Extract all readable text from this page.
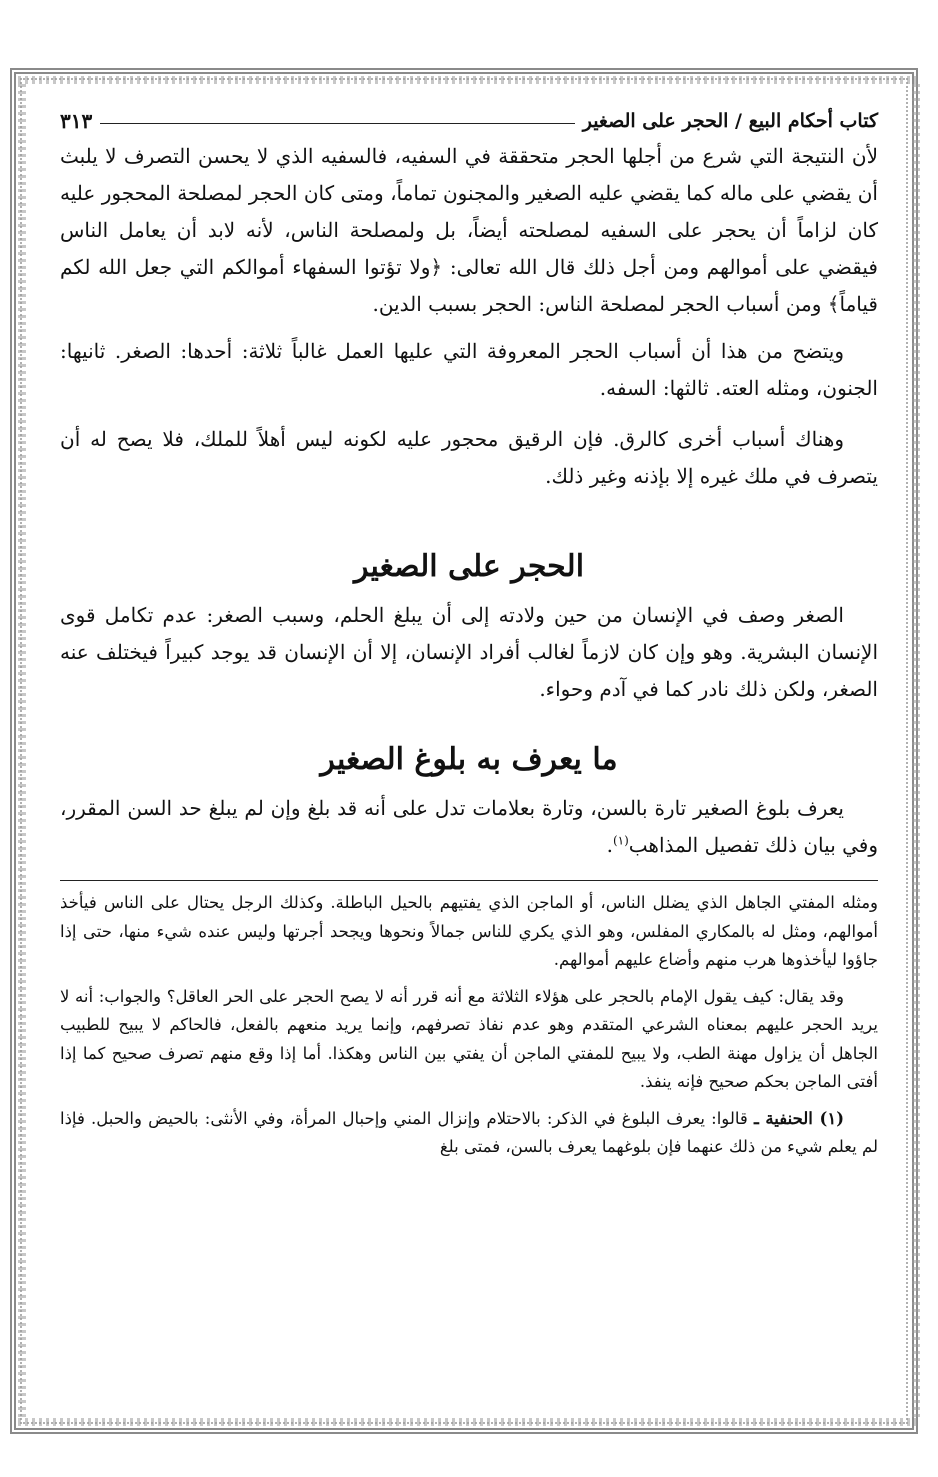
كتاب أحكام البيع / الحجر على الصغير
٣١٣

لأن النتيجة التي شرع من أجلها الحجر متحققة في السفيه، فالسفيه الذي لا يحسن التصرف لا يلبث أن يقضي على ماله كما يقضي عليه الصغير والمجنون تماماً، ومتى كان الحجر لمصلحة المحجور عليه كان لزاماً أن يحجر على السفيه لمصلحته أيضاً، بل ولمصلحة الناس، لأنه لابد أن يعامل الناس فيقضي على أموالهم ومن أجل ذلك قال الله تعالى: ﴿ولا تؤتوا السفهاء أموالكم التي جعل الله لكم قياماً﴾ ومن أسباب الحجر لمصلحة الناس: الحجر بسبب الدين.

ويتضح من هذا أن أسباب الحجر المعروفة التي عليها العمل غالباً ثلاثة: أحدها: الصغر. ثانيها: الجنون، ومثله العته. ثالثها: السفه.

وهناك أسباب أخرى كالرق. فإن الرقيق محجور عليه لكونه ليس أهلاً للملك، فلا يصح له أن يتصرف في ملك غيره إلا بإذنه وغير ذلك.

الحجر على الصغير

الصغر وصف في الإنسان من حين ولادته إلى أن يبلغ الحلم، وسبب الصغر: عدم تكامل قوى الإنسان البشرية. وهو وإن كان لازماً لغالب أفراد الإنسان، إلا أن الإنسان قد يوجد كبيراً فيختلف عنه الصغر، ولكن ذلك نادر كما في آدم وحواء.

ما يعرف به بلوغ الصغير

يعرف بلوغ الصغير تارة بالسن، وتارة بعلامات تدل على أنه قد بلغ وإن لم يبلغ حد السن المقرر، وفي بيان ذلك تفصيل المذاهب$^{(١)}$.

ومثله المفتي الجاهل الذي يضلل الناس، أو الماجن الذي يفتيهم بالحيل الباطلة. وكذلك الرجل يحتال على الناس فيأخذ أموالهم، ومثل له بالمكاري المفلس، وهو الذي يكري للناس جمالاً ونحوها ويجحد أجرتها وليس عنده شيء منها، حتى إذا جاؤوا ليأخذوها هرب منهم وأضاع عليهم أموالهم.

وقد يقال: كيف يقول الإمام بالحجر على هؤلاء الثلاثة مع أنه قرر أنه لا يصح الحجر على الحر العاقل؟ والجواب: أنه لا يريد الحجر عليهم بمعناه الشرعي المتقدم وهو عدم نفاذ تصرفهم، وإنما يريد منعهم بالفعل، فالحاكم لا يبيح للطبيب الجاهل أن يزاول مهنة الطب، ولا يبيح للمفتي الماجن أن يفتي بين الناس وهكذا. أما إذا وقع منهم تصرف صحيح كما إذا أفتى الماجن بحكم صحيح فإنه ينفذ.

(١) الحنفية ـ قالوا: يعرف البلوغ في الذكر: بالاحتلام وإنزال المني وإحبال المرأة، وفي الأنثى: بالحيض والحبل. فإذا لم يعلم شيء من ذلك عنهما فإن بلوغهما يعرف بالسن، فمتى بلغ
